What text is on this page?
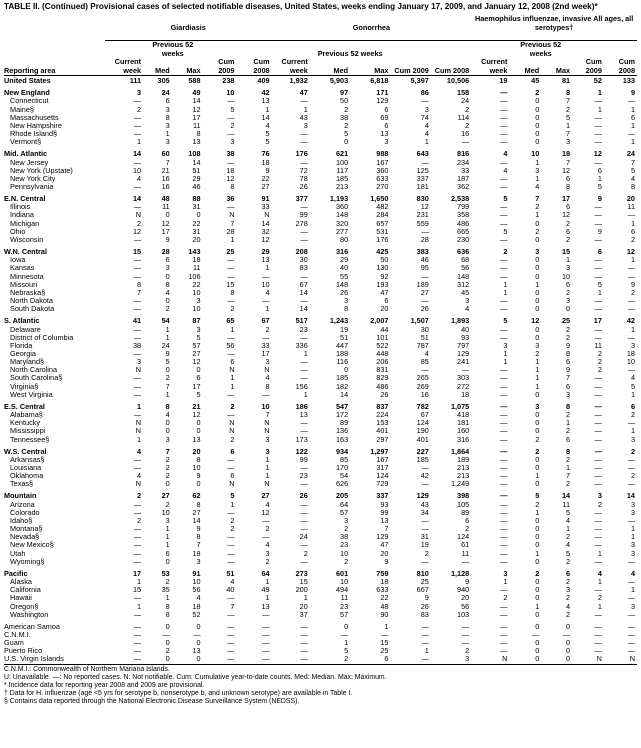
TABLE II. (Continued) Provisional cases of selected notifiable diseases, United States, weeks ending January 17, 2009, and January 12, 2008 (2nd week)*
	Giardiasis					Gonorrhea					Haemophilus influenzae, invasive All ages, all serotypes†				

		Previous 52 weeks					Previous 52 weeks					Previous 52 weeks			
Reporting area	Current week	Med	Max	Cum 2009	Cum 2008	Current week	Med	Max	Cum 2009	Cum 2008	Current week	Med	Max	Cum 2009	Cum 2008

United States	111	305	588	238	409	1,932	5,903	6,818	5,397	10,506	19	45	81	52	133

New England	3	24	49	10	42	47	97	171	86	158	—	2	8	1	9
Connecticut	—	6	14	—	13	—	50	129	—	24	—	0	7	—	—
Maine§	2	3	12	5	1	1	2	6	3	2	—	0	2	1	1
Massachusetts	—	8	17	—	14	43	38	69	74	114	—	0	5	—	6
New Hampshire	—	3	11	2	4	3	2	6	4	2	—	0	1	—	1
Rhode Island§	—	1	8	—	5	—	5	13	4	16	—	0	7	—	—
Vermont§	1	3	13	3	5	—	0	3	1	—	—	0	3	—	1

Mid. Atlantic	14	60	108	38	76	176	621	988	643	816	4	10	18	12	24
New Jersey	—	7	14	—	18	—	100	167	—	234	—	1	7	—	7
New York (Upstate)	10	21	51	18	9	72	117	360	125	33	4	3	12	6	5
New York City	4	16	29	12	22	78	185	633	337	187	—	1	6	1	4
Pennsylvania	—	16	46	8	27	26	213	270	181	362	—	4	8	5	8

E.N. Central	14	48	88	36	91	377	1,193	1,650	830	2,538	5	7	17	9	20
Illinois	—	11	31	—	33	—	360	482	12	799	—	2	6	—	11
Indiana	N	0	0	N	N	99	148	284	231	358	—	1	12	—	—
Michigan	2	12	22	7	14	278	320	657	559	486	—	0	2	—	1
Ohio	12	17	31	28	32	—	277	531	—	665	5	2	6	9	6
Wisconsin	—	9	20	1	12	—	80	176	28	230	—	0	2	—	2

W.N. Central	15	28	143	25	29	208	316	425	383	636	2	3	15	6	12
Iowa	—	6	18	—	13	30	29	50	46	68	—	0	1	—	1
Kansas	—	3	11	—	1	83	40	130	95	56	—	0	3	—	—
Minnesota	—	0	106	—	—	—	55	92	—	148	—	0	10	—	—
Missouri	8	8	22	15	10	67	148	193	189	312	1	1	6	5	9
Nebraska§	7	4	10	8	4	14	26	47	27	45	1	0	2	1	2
North Dakota	—	0	3	—	—	—	3	6	—	3	—	0	3	—	—
South Dakota	—	2	10	2	1	14	8	20	26	4	—	0	0	—	—

S. Atlantic	41	54	87	65	67	517	1,243	2,007	1,507	1,893	5	12	25	17	42
Delaware	—	1	3	1	2	23	19	44	30	40	—	0	2	—	1
District of Columbia	—	1	5	—	—	—	51	101	51	93	—	0	2	—	—
Florida	38	24	57	56	33	336	447	522	787	797	3	3	9	11	3
Georgia	—	9	27	—	17	1	188	448	4	129	1	2	8	2	18
Maryland§	3	5	12	6	3	—	116	206	85	241	1	1	6	2	10
North Carolina	N	0	0	N	N	—	0	831	—	—	—	1	9	2	—
South Carolina§	—	2	6	1	4	—	185	829	265	303	—	1	7	—	4
Virginia§	—	7	17	1	8	156	182	486	269	272	—	1	6	—	5
West Virginia	—	1	5	—	—	1	14	26	16	18	—	0	3	—	1

E.S. Central	1	8	21	2	10	186	547	837	782	1,075	—	3	8	—	6
Alabama§	—	4	12	—	7	13	172	224	67	418	—	0	2	—	2
Kentucky	N	0	0	N	N	—	89	153	124	181	—	0	1	—	—
Mississippi	N	0	0	N	N	—	136	401	190	160	—	0	2	—	1
Tennessee§	1	3	13	2	3	173	163	297	401	316	—	2	6	—	3

W.S. Central	4	7	20	6	3	122	934	1,297	227	1,864	—	2	8	—	2
Arkansas§	—	2	8	—	1	99	85	167	185	189	—	0	2	—	—
Louisiana	—	2	10	—	1	—	170	317	—	213	—	0	1	—	—
Oklahoma	4	2	9	6	1	23	54	124	42	213	—	1	7	—	2
Texas§	N	0	0	N	N	—	626	729	—	1,249	—	0	2	—	—

Mountain	2	27	62	5	27	26	205	337	129	398	—	5	14	3	14
Arizona	—	2	8	1	4	—	64	93	43	105	—	2	11	2	3
Colorado	—	10	27	—	12	—	57	99	34	89	—	1	5	—	3
Idaho§	2	3	14	2	—	—	3	13	—	6	—	0	4	—	—
Montana§	—	1	9	2	2	—	2	7	—	2	—	0	1	—	1
Nevada§	—	1	8	—	—	24	38	129	31	124	—	0	2	—	1
New Mexico§	—	1	7	—	4	—	23	47	19	61	—	0	4	—	3
Utah	—	6	18	—	3	2	10	20	2	11	—	1	5	1	3
Wyoming§	—	0	3	—	2	—	2	9	—	—	—	0	2	—	—

Pacific	17	53	91	51	64	273	601	759	810	1,128	3	2	6	4	4
Alaska	1	2	10	4	1	15	10	18	25	9	1	0	2	1	—
California	15	35	56	40	49	200	494	633	667	940	—	0	3	—	1
Hawaii	—	1	4	—	1	1	11	22	9	20	2	0	2	2	—
Oregon§	1	8	18	7	13	20	23	48	26	56	—	1	4	1	3
Washington	—	8	52	—	—	37	57	90	83	103	—	0	2	—	—

American Samoa	—	0	0	—	—	—	0	1	—	—	—	0	0	—	—
C.N.M.I.	—	—	—	—	—	—	—	—	—	—	—	—	—	—	—
Guam	—	0	0	—	—	—	1	15	—	—	—	0	0	—	—
Puerto Rico	—	2	13	—	—	—	5	25	1	2	—	0	0	—	—
U.S. Virgin Islands	—	0	0	—	—	—	2	6	—	3	N	0	0	N	N
C.N.M.I.: Commonwealth of Northern Mariana Islands.
U: Unavailable. —: No reported cases. N: Not notifiable. Cum: Cumulative year-to-date counts. Med: Median. Max: Maximum.
* Incidence data for reporting year 2008 and 2009 are provisional.
† Data for H. influenzae (age <5 yrs for serotype b, nonserotype b, and unknown serotype) are available in Table I.
§ Contains data reported through the National Electronic Disease Surveillance System (NEDSS).
